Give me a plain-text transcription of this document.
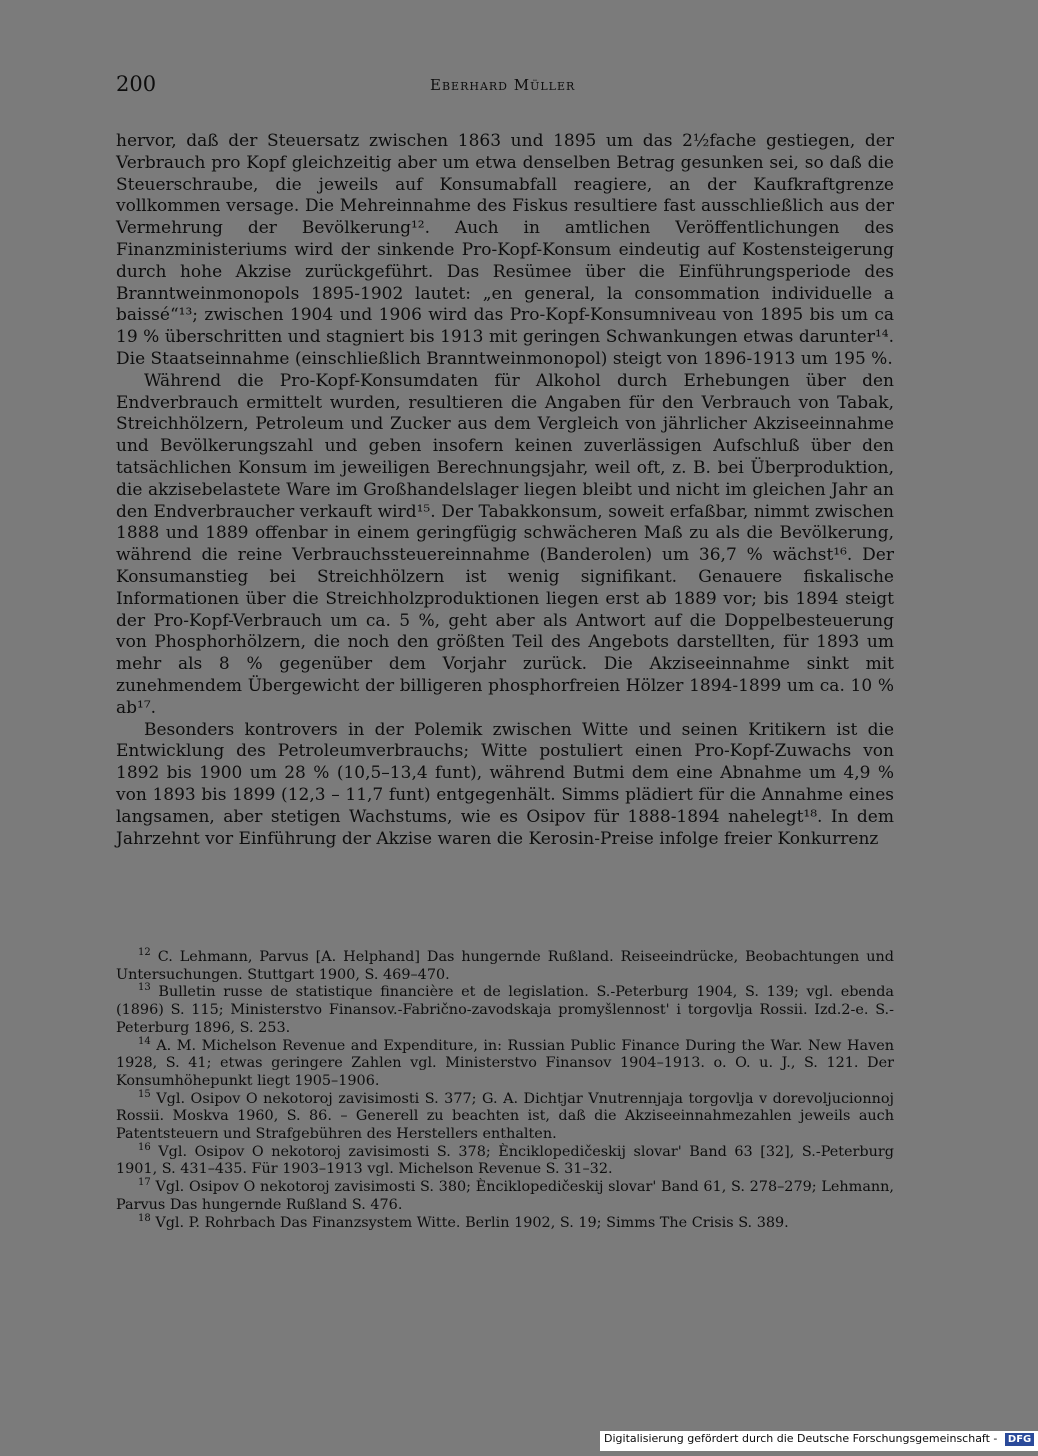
200	Eberhard Müller

hervor, daß der Steuersatz zwischen 1863 und 1895 um das 2½fache gestiegen, der Verbrauch pro Kopf gleichzeitig aber um etwa denselben Betrag gesunken sei, so daß die Steuerschraube, die jeweils auf Konsumabfall reagiere, an der Kaufkraftgrenze vollkommen versage. Die Mehreinnahme des Fiskus resultiere fast ausschließlich aus der Vermehrung der Bevölkerung¹². Auch in amtlichen Veröffentlichungen des Finanzministeriums wird der sinkende Pro-Kopf-Konsum eindeutig auf Kostensteigerung durch hohe Akzise zurückgeführt. Das Resümee über die Einführungsperiode des Branntweinmonopols 1895-1902 lautet: „en general, la consommation individuelle a baissé“¹³; zwischen 1904 und 1906 wird das Pro-Kopf-Konsumniveau von 1895 bis um ca 19 % überschritten und stagniert bis 1913 mit geringen Schwankungen etwas darunter¹⁴. Die Staatseinnahme (einschließlich Branntweinmonopol) steigt von 1896-1913 um 195 %.

Während die Pro-Kopf-Konsumdaten für Alkohol durch Erhebungen über den Endverbrauch ermittelt wurden, resultieren die Angaben für den Verbrauch von Tabak, Streichhölzern, Petroleum und Zucker aus dem Vergleich von jährlicher Akziseeinnahme und Bevölkerungszahl und geben insofern keinen zuverlässigen Aufschluß über den tatsächlichen Konsum im jeweiligen Berechnungsjahr, weil oft, z. B. bei Überproduktion, die akzisebelastete Ware im Großhandelslager liegen bleibt und nicht im gleichen Jahr an den Endverbraucher verkauft wird¹⁵. Der Tabakkonsum, soweit erfaßbar, nimmt zwischen 1888 und 1889 offenbar in einem geringfügig schwächeren Maß zu als die Bevölkerung, während die reine Verbrauchssteuereinnahme (Banderolen) um 36,7 % wächst¹⁶. Der Konsumanstieg bei Streichhölzern ist wenig signifikant. Genauere fiskalische Informationen über die Streichholzproduktionen liegen erst ab 1889 vor; bis 1894 steigt der Pro-Kopf-Verbrauch um ca. 5 %, geht aber als Antwort auf die Doppelbesteuerung von Phosphorhölzern, die noch den größten Teil des Angebots darstellten, für 1893 um mehr als 8 % gegenüber dem Vorjahr zurück. Die Akziseeinnahme sinkt mit zunehmendem Übergewicht der billigeren phosphorfreien Hölzer 1894-1899 um ca. 10 % ab¹⁷.

Besonders kontrovers in der Polemik zwischen Witte und seinen Kritikern ist die Entwicklung des Petroleumverbrauchs; Witte postuliert einen Pro-Kopf-Zuwachs von 1892 bis 1900 um 28 % (10,5–13,4 funt), während Butmi dem eine Abnahme um 4,9 % von 1893 bis 1899 (12,3 – 11,7 funt) entgegenhält. Simms plädiert für die Annahme eines langsamen, aber stetigen Wachstums, wie es Osipov für 1888-1894 nahelegt¹⁸. In dem Jahrzehnt vor Einführung der Akzise waren die Kerosin-Preise infolge freier Konkurrenz

$^{12}$ C. Lehmann, Parvus [A. Helphand] Das hungernde Rußland. Reiseeindrücke, Beobachtungen und Untersuchungen. Stuttgart 1900, S. 469–470.

$^{13}$ Bulletin russe de statistique financière et de legislation. S.-Peterburg 1904, S. 139; vgl. ebenda (1896) S. 115; Ministerstvo Finansov.-Fabrično-zavodskaja promyšlennost' i torgovlja Rossii. Izd.2-e. S.-Peterburg 1896, S. 253.

$^{14}$ A. M. Michelson Revenue and Expenditure, in: Russian Public Finance During the War. New Haven 1928, S. 41; etwas geringere Zahlen vgl. Ministerstvo Finansov 1904–1913. o. O. u. J., S. 121. Der Konsumhöhepunkt liegt 1905–1906.

$^{15}$ Vgl. Osipov O nekotoroj zavisimosti S. 377; G. A. Dichtjar Vnutrennjaja torgovlja v dorevoljucionnoj Rossii. Moskva 1960, S. 86. – Generell zu beachten ist, daß die Akziseeinnahmezahlen jeweils auch Patentsteuern und Strafgebühren des Herstellers enthalten.

$^{16}$ Vgl. Osipov O nekotoroj zavisimosti S. 378; Ènciklopedičeskij slovar' Band 63 [32], S.-Peterburg 1901, S. 431–435. Für 1903–1913 vgl. Michelson Revenue S. 31–32.

$^{17}$ Vgl. Osipov O nekotoroj zavisimosti S. 380; Ènciklopedičeskij slovar' Band 61, S. 278–279; Lehmann, Parvus Das hungernde Rußland S. 476.

$^{18}$ Vgl. P. Rohrbach Das Finanzsystem Witte. Berlin 1902, S. 19; Simms The Crisis S. 389.

Digitalisierung gefördert durch die Deutsche Forschungsgemeinschaft - DFG
